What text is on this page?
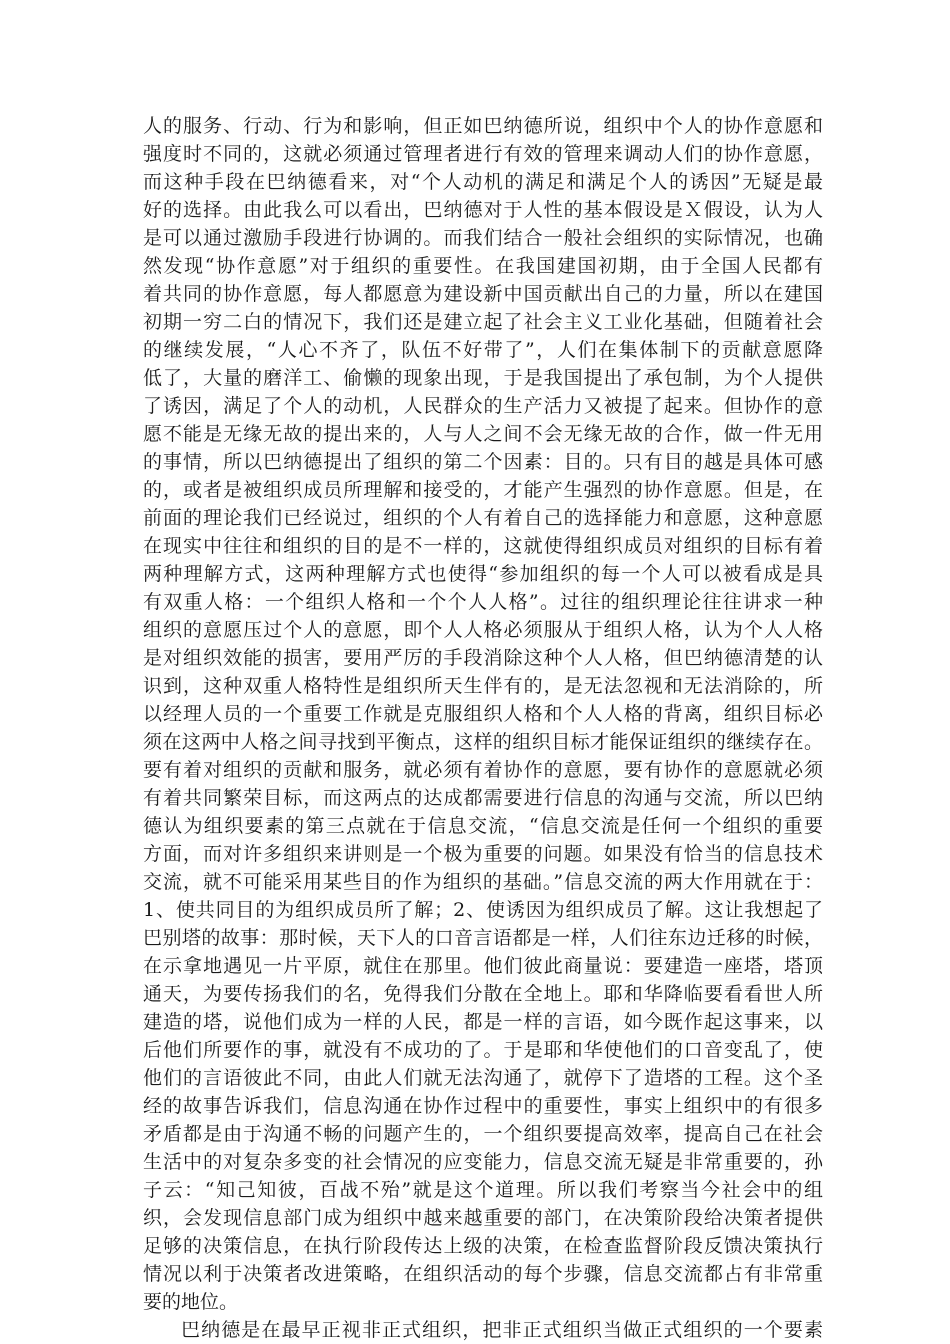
人的服务、行动、行为和影响，但正如巴纳德所说，组织中个人的协作意愿和
强度时不同的，这就必须通过管理者进行有效的管理来调动人们的协作意愿，
而这种手段在巴纳德看来，对“个人动机的满足和满足个人的诱因”无疑是最
好的选择。由此我么可以看出，巴纳德对于人性的基本假设是Ｘ假设，认为人
是可以通过激励手段进行协调的。而我们结合一般社会组织的实际情况，也确
然发现“协作意愿”对于组织的重要性。在我国建国初期，由于全国人民都有
着共同的协作意愿，每人都愿意为建设新中国贡献出自己的力量，所以在建国
初期一穷二白的情况下，我们还是建立起了社会主义工业化基础，但随着社会
的继续发展，“人心不齐了，队伍不好带了”，人们在集体制下的贡献意愿降
低了，大量的磨洋工、偷懒的现象出现，于是我国提出了承包制，为个人提供
了诱因，满足了个人的动机，人民群众的生产活力又被提了起来。但协作的意
愿不能是无缘无故的提出来的，人与人之间不会无缘无故的合作，做一件无用
的事情，所以巴纳德提出了组织的第二个因素：目的。只有目的越是具体可感
的，或者是被组织成员所理解和接受的，才能产生强烈的协作意愿。但是，在
前面的理论我们已经说过，组织的个人有着自己的选择能力和意愿，这种意愿
在现实中往往和组织的目的是不一样的，这就使得组织成员对组织的目标有着
两种理解方式，这两种理解方式也使得“参加组织的每一个人可以被看成是具
有双重人格：一个组织人格和一个个人人格”。过往的组织理论往往讲求一种
组织的意愿压过个人的意愿，即个人人格必须服从于组织人格，认为个人人格
是对组织效能的损害，要用严厉的手段消除这种个人人格，但巴纳德清楚的认
识到，这种双重人格特性是组织所天生伴有的，是无法忽视和无法消除的，所
以经理人员的一个重要工作就是克服组织人格和个人人格的背离，组织目标必
须在这两中人格之间寻找到平衡点，这样的组织目标才能保证组织的继续存在。
要有着对组织的贡献和服务，就必须有着协作的意愿，要有协作的意愿就必须
有着共同繁荣目标，而这两点的达成都需要进行信息的沟通与交流，所以巴纳
德认为组织要素的第三点就在于信息交流，“信息交流是任何一个组织的重要
方面，而对许多组织来讲则是一个极为重要的问题。如果没有恰当的信息技术
交流，就不可能采用某些目的作为组织的基础。”信息交流的两大作用就在于：
1、使共同目的为组织成员所了解；2、使诱因为组织成员了解。这让我想起了
巴别塔的故事：那时候，天下人的口音言语都是一样，人们往东边迁移的时候，
在示拿地遇见一片平原，就住在那里。他们彼此商量说：要建造一座塔，塔顶
通天，为要传扬我们的名，免得我们分散在全地上。耶和华降临要看看世人所
建造的塔，说他们成为一样的人民，都是一样的言语，如今既作起这事来，以
后他们所要作的事，就没有不成功的了。于是耶和华使他们的口音变乱了，使
他们的言语彼此不同，由此人们就无法沟通了，就停下了造塔的工程。这个圣
经的故事告诉我们，信息沟通在协作过程中的重要性，事实上组织中的有很多
矛盾都是由于沟通不畅的问题产生的，一个组织要提高效率，提高自己在社会
生活中的对复杂多变的社会情况的应变能力，信息交流无疑是非常重要的，孙
子云：“知己知彼，百战不殆”就是这个道理。所以我们考察当今社会中的组
织，会发现信息部门成为组织中越来越重要的部门，在决策阶段给决策者提供
足够的决策信息，在执行阶段传达上级的决策，在检查监督阶段反馈决策执行
情况以利于决策者改进策略，在组织活动的每个步骤，信息交流都占有非常重
要的地位。
巴纳德是在最早正视非正式组织，把非正式组织当做正式组织的一个要素
